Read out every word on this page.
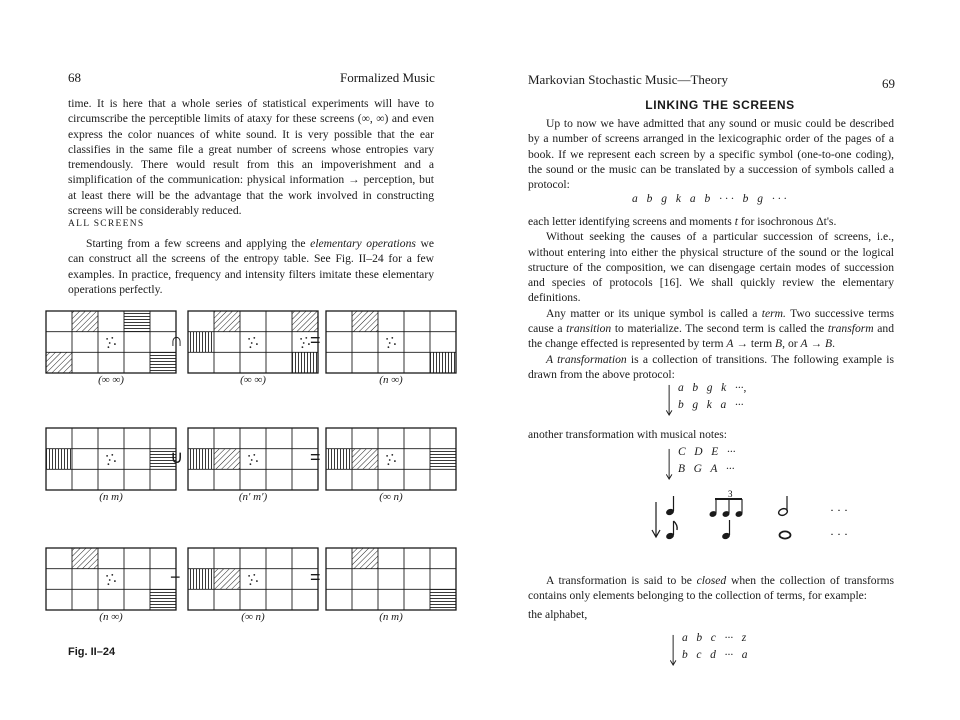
68	Formalized Music

time. It is here that a whole series of statistical experiments will have to circumscribe the perceptible limits of ataxy for these screens (∞, ∞) and even express the color nuances of white sound. It is very possible that the ear classifies in the same file a great number of screens whose entropies vary tremendously. There would result from this an impoverishment and a simplification of the communication: physical information → perception, but at least there will be the advantage that the work involved in constructing screens will be considerably reduced.

ALL SCREENS

Starting from a few screens and applying the elementary operations we can construct all the screens of the entropy table. See Fig. II–24 for a few examples. In practice, frequency and intensity filters imitate these elementary operations perfectly.

(∞ ∞)	(∞ ∞)	(n ∞)
∩	=
(n m)	(n′ m′)	(∞ n)
∪	=
(n ∞)	(∞ n)	(n m)
−	=
Fig. II–24
Markovian Stochastic Music—Theory	69
LINKING THE SCREENS

Up to now we have admitted that any sound or music could be described by a number of screens arranged in the lexicographic order of the pages of a book. If we represent each screen by a specific symbol (one-to-one coding), the sound or the music can be translated by a succession of symbols called a protocol:

a b g k a b ··· b g ···

each letter identifying screens and moments t for isochronous Δt's.

Without seeking the causes of a particular succession of screens, i.e., without entering into either the physical structure of the sound or the logical structure of the composition, we can disengage certain modes of succession and species of protocols [16]. We shall quickly review the elementary definitions.

Any matter or its unique symbol is called a term. Two successive terms cause a transition to materialize. The second term is called the transform and the change effected is represented by term A → term B, or A → B.

A transformation is a collection of transitions. The following example is drawn from the above protocol:

a   b   g   k   ···,
b   g   k   a   ···
another transformation with musical notes:
C   D   E   ···
B   G   A   ···
3
· · ·
· · ·

A transformation is said to be closed when the collection of transforms contains only elements belonging to the collection of terms, for example:

the alphabet,

a   b   c   ···   z
b   c   d   ···   a
